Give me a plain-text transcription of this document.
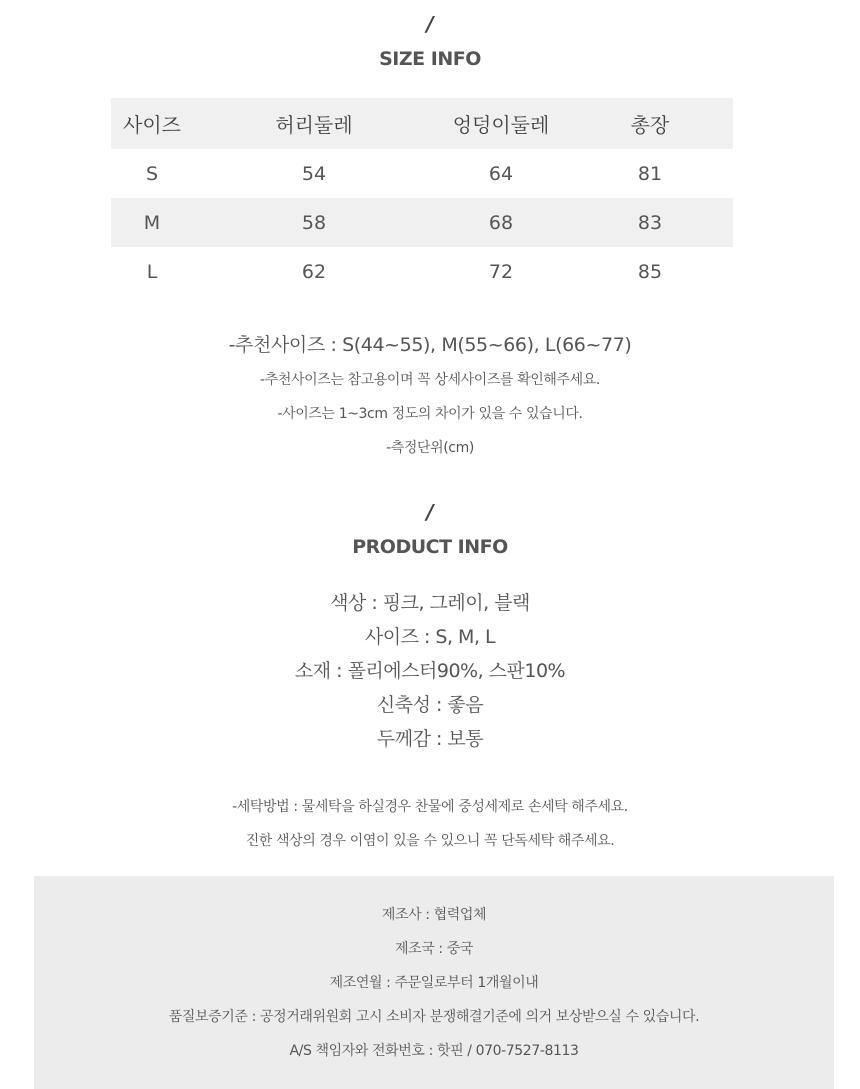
/
SIZE INFO
사이즈	허리둘레	엉덩이둘레	총장
S	54	64	81
M	58	68	83
L	62	72	85
-추천사이즈 : S(44~55), M(55~66), L(66~77)
-추천사이즈는 참고용이며 꼭 상세사이즈를 확인해주세요.
-사이즈는 1~3cm 정도의 차이가 있을 수 있습니다.
-측정단위(cm)
/
PRODUCT INFO
색상 : 핑크, 그레이, 블랙
사이즈 : S, M, L
소재 : 폴리에스터90%, 스판10%
신축성 : 좋음
두께감 : 보통
-세탁방법 : 물세탁을 하실경우 찬물에 중성세제로 손세탁 해주세요.
진한 색상의 경우 이염이 있을 수 있으니 꼭 단독세탁 해주세요.
제조사 : 협력업체
제조국 : 중국
제조연월 : 주문일로부터 1개월이내
품질보증기준 : 공정거래위원회 고시 소비자 분쟁해결기준에 의거 보상받으실 수 있습니다.
A/S 책임자와 전화번호 : 핫핀 / 070-7527-8113
